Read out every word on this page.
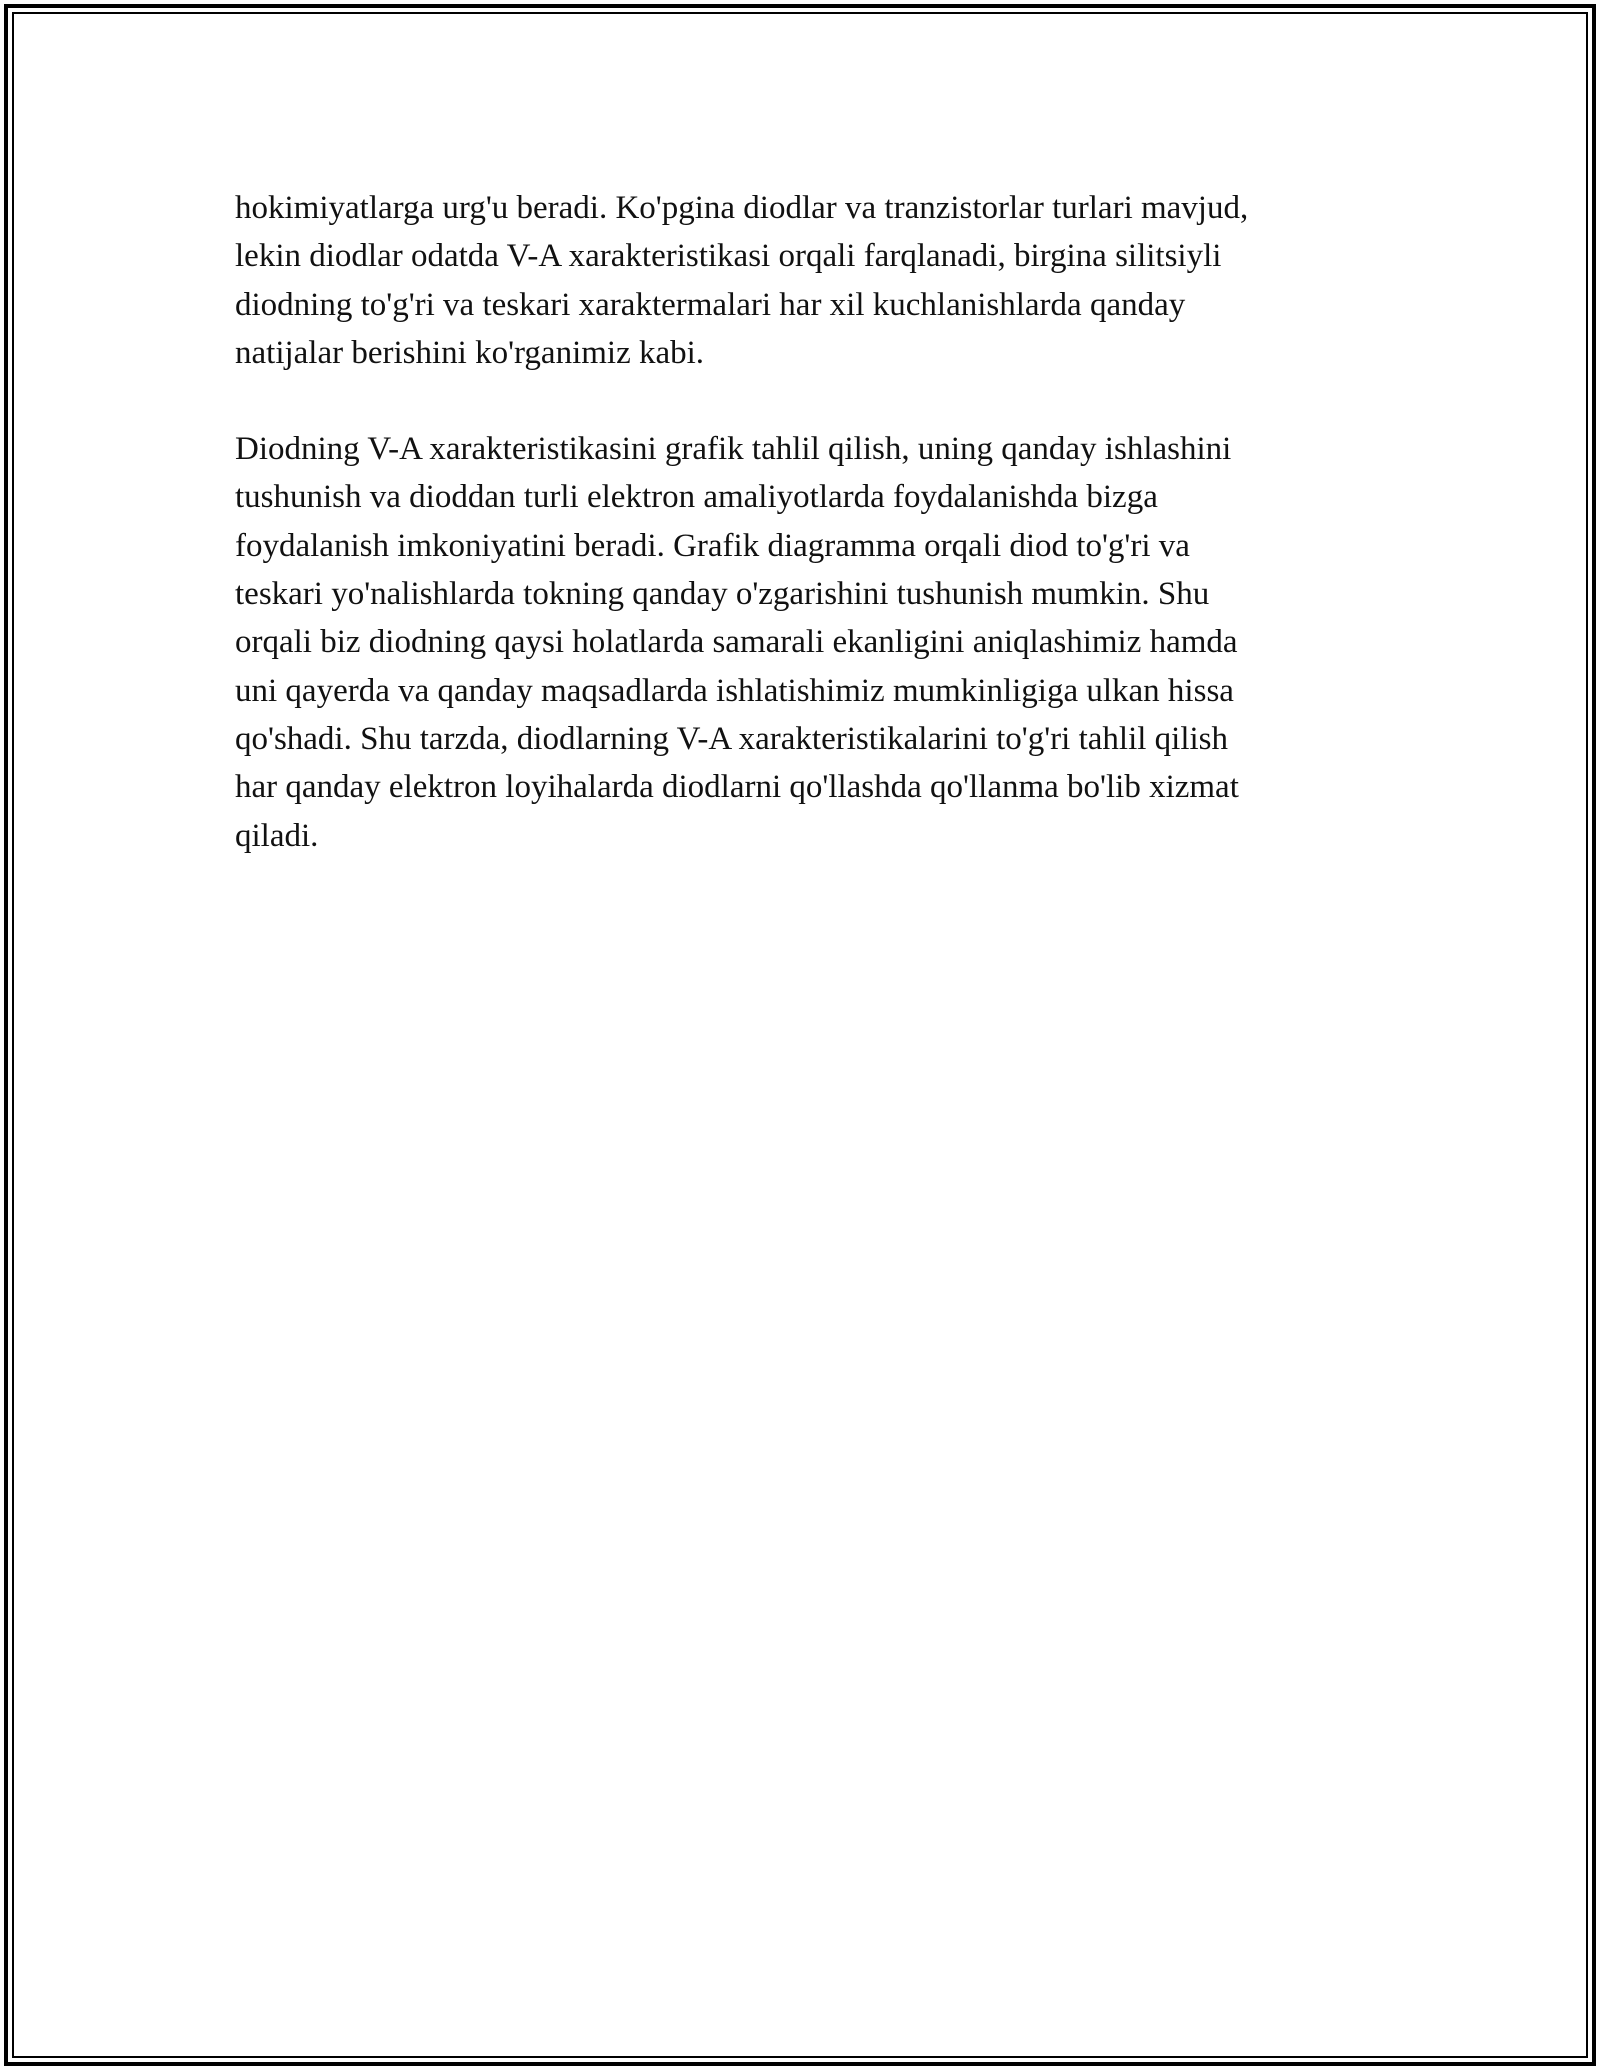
hokimiyatlarga urg'u beradi. Ko'pgina diodlar va tranzistorlar turlari mavjud,
lekin diodlar odatda V-A xarakteristikasi orqali farqlanadi, birgina silitsiyli
diodning to'g'ri va teskari xaraktermalari har xil kuchlanishlarda qanday
natijalar berishini ko'rganimiz kabi.

Diodning V-A xarakteristikasini grafik tahlil qilish, uning qanday ishlashini
tushunish va dioddan turli elektron amaliyotlarda foydalanishda bizga
foydalanish imkoniyatini beradi. Grafik diagramma orqali diod to'g'ri va
teskari yo'nalishlarda tokning qanday o'zgarishini tushunish mumkin. Shu
orqali biz diodning qaysi holatlarda samarali ekanligini aniqlashimiz hamda
uni qayerda va qanday maqsadlarda ishlatishimiz mumkinligiga ulkan hissa
qo'shadi. Shu tarzda, diodlarning V-A xarakteristikalarini to'g'ri tahlil qilish
har qanday elektron loyihalarda diodlarni qo'llashda qo'llanma bo'lib xizmat
qiladi.
